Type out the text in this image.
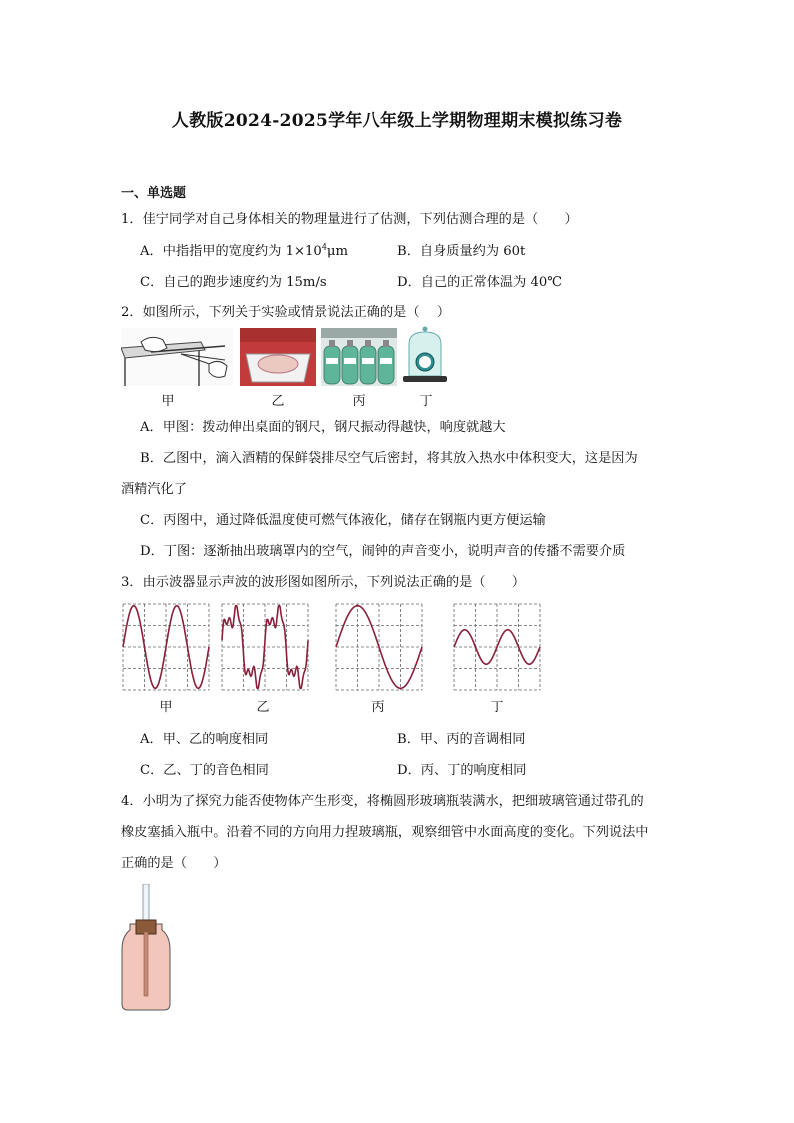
人教版2024-2025学年八年级上学期物理期末模拟练习卷
一、单选题
1．佳宁同学对自己身体相关的物理量进行了估测，下列估测合理的是（　　）
A．中指指甲的宽度约为 $1\times 10^4\mu m$	B．自身质量约为 60t
C．自己的跑步速度约为 15m/s	D．自己的正常体温为 40℃
2．如图所示，下列关于实验或情景说法正确的是（　 ）
甲	乙	丙	丁
A．甲图：拨动伸出桌面的钢尺，钢尺振动得越快，响度就越大
B．乙图中，滴入酒精的保鲜袋排尽空气后密封，将其放入热水中体积变大，这是因为
酒精汽化了
C．丙图中，通过降低温度使可燃气体液化，储存在钢瓶内更方便运输
D．丁图：逐渐抽出玻璃罩内的空气，闹钟的声音变小，说明声音的传播不需要介质
3．由示波器显示声波的波形图如图所示，下列说法正确的是（　　）
甲	乙	丙	丁
A．甲、乙的响度相同	B．甲、丙的音调相同
C．乙、丁的音色相同	D．丙、丁的响度相同
4．小明为了探究力能否使物体产生形变，将椭圆形玻璃瓶装满水，把细玻璃管通过带孔的
橡皮塞插入瓶中。沿着不同的方向用力捏玻璃瓶，观察细管中水面高度的变化。下列说法中
正确的是（　　）
